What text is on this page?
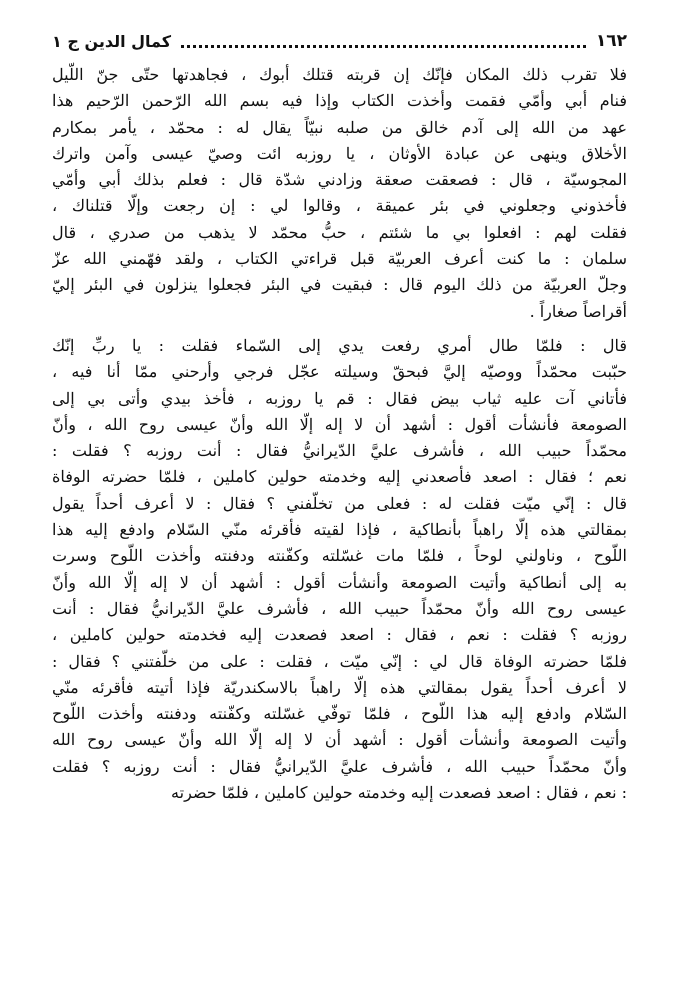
١٦٢
كمال الدين ج ١
فلا تقرب ذلك المكان فإنّك إن قربته قتلك أبوك ، فجاهدتها حتّى جنّ اللّيل
فنام أبي وأمّي فقمت وأخذت الكتاب وإذا فيه بسم الله الرّحمن الرّحيم هذا
عهد من الله إلى آدم خالق من صلبه نبيّاً يقال له : محمّد ، يأمر بمكارم
الأخلاق وينهى عن عبادة الأوثان ، يا روزبه ائت وصيّ عيسى وآمن واترك
المجوسيّة ، قال : فصعقت صعقة وزادني شدّة قال : فعلم بذلك أبي وأمّي
فأخذوني وجعلوني في بئر عميقة ، وقالوا لي : إن رجعت وإلّا قتلناك ،
فقلت لهم : افعلوا بي ما شئتم ، حبُّ محمّد لا يذهب من صدري ، قال
سلمان : ما كنت أعرف العربيّة قبل قراءتي الكتاب ، ولقد فهّمني الله عزّ
وجلّ العربيّة من ذلك اليوم قال : فبقيت في البئر فجعلوا ينزلون في البئر إليّ
أقراصاً صغاراً .
قال : فلمّا طال أمري رفعت يدي إلى السّماء فقلت : يا ربِّ إنّك
حبّبت محمّداً ووصيّه إليَّ فبحقّ وسيلته عجّل فرجي وأرحني ممّا أنا فيه ،
فأتاني آت عليه ثياب بيض فقال : قم يا روزبه ، فأخذ بيدي وأتى بي إلى
الصومعة فأنشأت أقول : أشهد أن لا إله إلّا الله وأنّ عيسى روح الله ، وأنّ
محمّداً حبيب الله ، فأشرف عليَّ الدّيرانيُّ فقال : أنت روزبه ؟ فقلت :
نعم ؛ فقال : اصعد فأصعدني إليه وخدمته حولين كاملين ، فلمّا حضرته الوفاة
قال : إنّي ميّت فقلت له : فعلى من تخلّفني ؟ فقال : لا أعرف أحداً يقول
بمقالتي هذه إلّا راهباً بأنطاكية ، فإذا لقيته فأقرئه منّي السّلام وادفع إليه هذا
اللّوح ، وناولني لوحاً ، فلمّا مات غسّلته وكفّنته ودفنته وأخذت اللّوح وسرت
به إلى أنطاكية وأتيت الصومعة وأنشأت أقول : أشهد أن لا إله إلّا الله وأنّ
عيسى روح الله وأنّ محمّداً حبيب الله ، فأشرف عليَّ الدّيرانيُّ فقال : أنت
روزبه ؟ فقلت : نعم ، فقال : اصعد فصعدت إليه فخدمته حولين كاملين ،
فلمّا حضرته الوفاة قال لي : إنّي ميّت ، فقلت : على من خلّفتني ؟ فقال :
لا أعرف أحداً يقول بمقالتي هذه إلّا راهباً بالاسكندريّة فإذا أتيته فأقرئه منّي
السّلام وادفع إليه هذا اللّوح ، فلمّا توفّي غسّلته وكفّنته ودفنته وأخذت اللّوح
وأتيت الصومعة وأنشأت أقول : أشهد أن لا إله إلّا الله وأنّ عيسى روح الله
وأنّ محمّداً حبيب الله ، فأشرف عليَّ الدّيرانيُّ فقال : أنت روزبه ؟ فقلت
: نعم ، فقال : اصعد فصعدت إليه وخدمته حولين كاملين ، فلمّا حضرته
